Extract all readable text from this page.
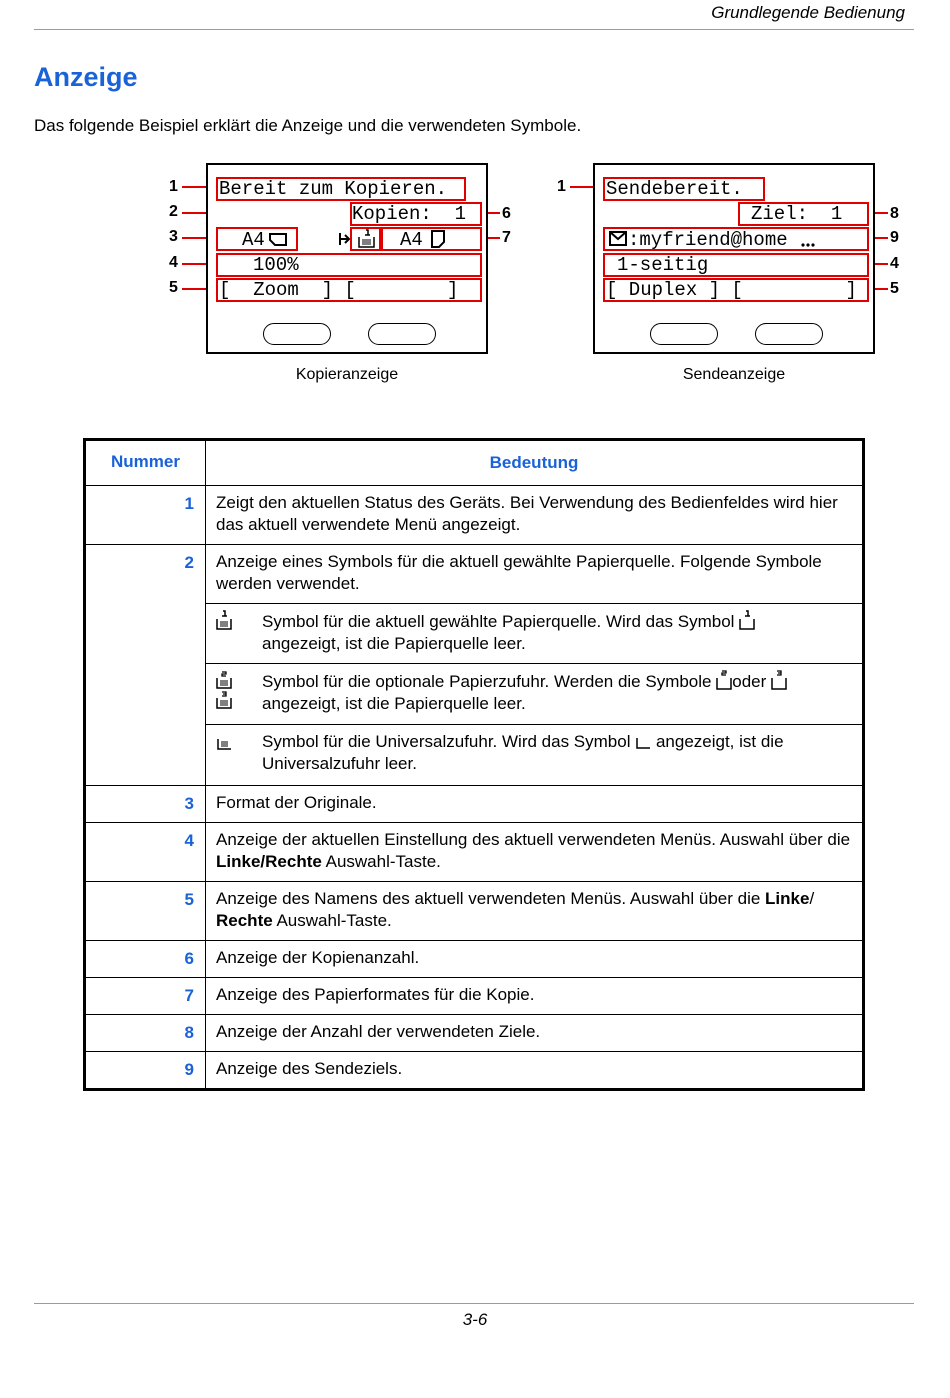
Grundlegende Bedienung
Anzeige
Das folgende Beispiel erklärt die Anzeige und die verwendeten Symbole.
1
2
3
4
5
6
7
Bereit zum Kopieren.
Kopien:  1
A4	A4
100%
[  Zoom  ] [        ]
Kopieranzeige
1
8
9
4
5
Sendebereit.
Ziel:  1
:myfriend@home
1-seitig
[ Duplex ] [         ]
Sendeanzeige
Nummer	Bedeutung
1	Zeigt den aktuellen Status des Geräts. Bei Verwendung des Bedienfeldes wird hier das aktuell verwendete Menü angezeigt.
2	Anzeige eines Symbols für die aktuell gewählte Papierquelle. Folgende Symbole werden verwendet.
Symbol für die aktuell gewählte Papierquelle. Wird das Symbol
angezeigt, ist die Papierquelle leer.
Symbol für die optionale Papierzufuhr. Werden die Symbole oder
angezeigt, ist die Papierquelle leer.
Symbol für die Universalzufuhr. Wird das Symbol angezeigt, ist die
Universalzufuhr leer.
3	Format der Originale.
4	Anzeige der aktuellen Einstellung des aktuell verwendeten Menüs. Auswahl über die Linke/Rechte Auswahl-Taste.
5	Anzeige des Namens des aktuell verwendeten Menüs. Auswahl über die Linke/ Rechte Auswahl-Taste.
6	Anzeige der Kopienanzahl.
7	Anzeige des Papierformates für die Kopie.
8	Anzeige der Anzahl der verwendeten Ziele.
9	Anzeige des Sendeziels.
3-6
